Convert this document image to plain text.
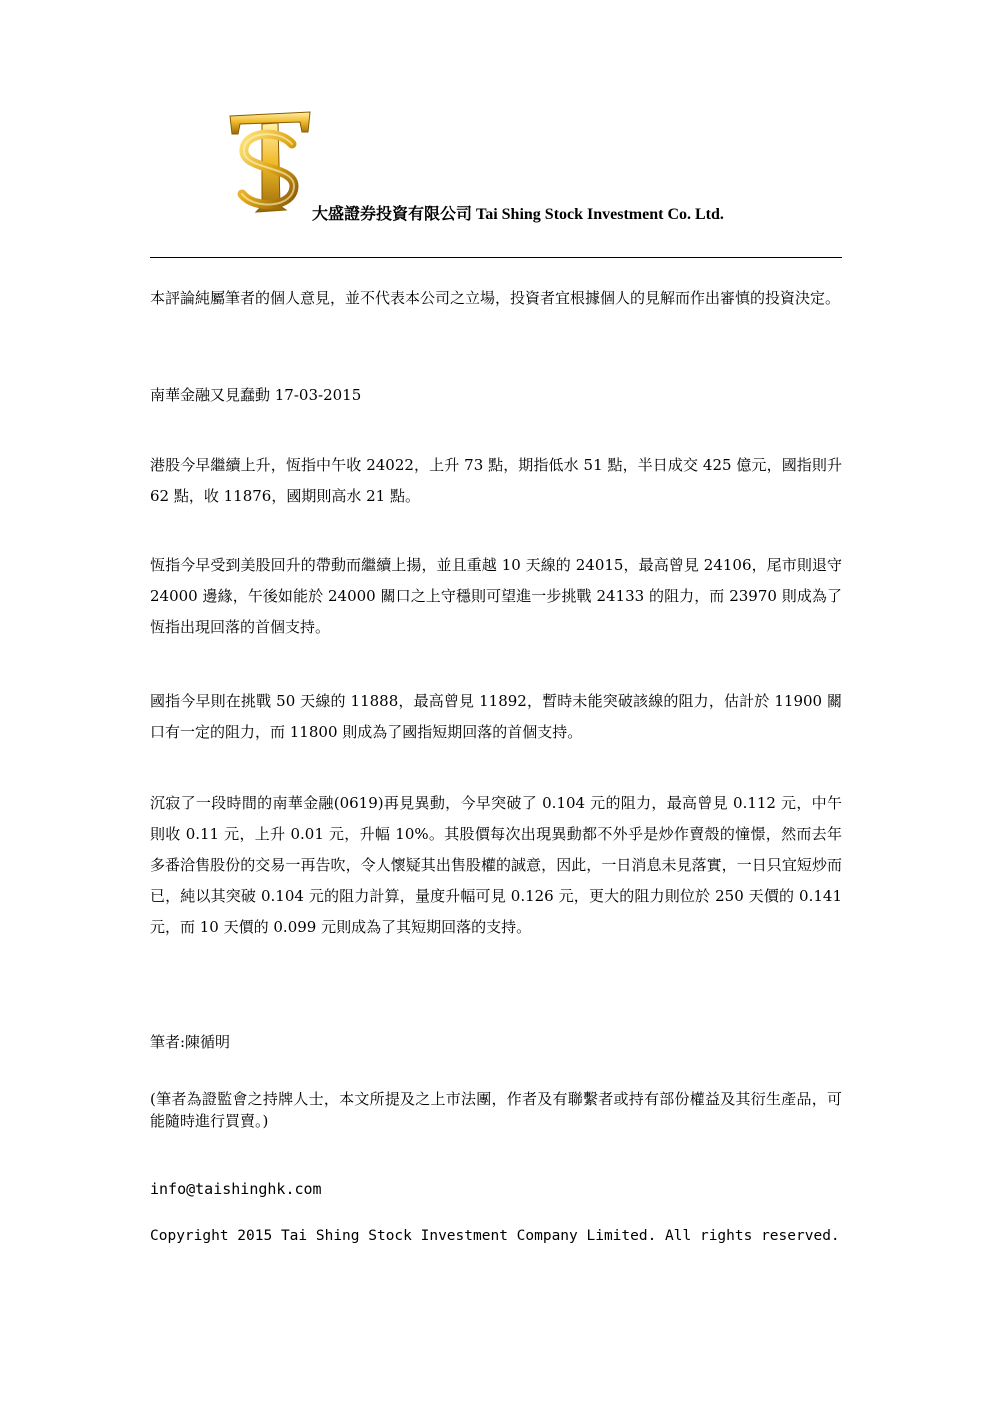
大盛證券投資有限公司 Tai Shing Stock Investment Co. Ltd.

本評論純屬筆者的個人意見，並不代表本公司之立場，投資者宜根據個人的見解而作出審慎的投資決定。

南華金融又見蠢動 17-03-2015

港股今早繼續上升，恆指中午收 24022，上升 73 點，期指低水 51 點，半日成交 425 億元，國指則升 62 點，收 11876，國期則高水 21 點。

恆指今早受到美股回升的帶動而繼續上揚，並且重越 10 天線的 24015，最高曾見 24106，尾市則退守 24000 邊緣，午後如能於 24000 關口之上守穩則可望進一步挑戰 24133 的阻力，而 23970 則成為了恆指出現回落的首個支持。

國指今早則在挑戰 50 天線的 11888，最高曾見 11892，暫時未能突破該線的阻力，估計於 11900 關口有一定的阻力，而 11800 則成為了國指短期回落的首個支持。

沉寂了一段時間的南華金融(0619)再見異動，今早突破了 0.104 元的阻力，最高曾見 0.112 元，中午則收 0.11 元，上升 0.01 元，升幅 10%。其股價每次出現異動都不外乎是炒作賣殼的憧憬，然而去年多番洽售股份的交易一再告吹，令人懷疑其出售股權的誠意，因此，一日消息未見落實，一日只宜短炒而已，純以其突破 0.104 元的阻力計算，量度升幅可見 0.126 元，更大的阻力則位於 250 天價的 0.141 元，而 10 天價的 0.099 元則成為了其短期回落的支持。

筆者:陳循明

(筆者為證監會之持牌人士，本文所提及之上市法團，作者及有聯繫者或持有部份權益及其衍生產品，可能隨時進行買賣。)

info@taishinghk.com

Copyright 2015 Tai Shing Stock Investment Company Limited. All rights reserved.
